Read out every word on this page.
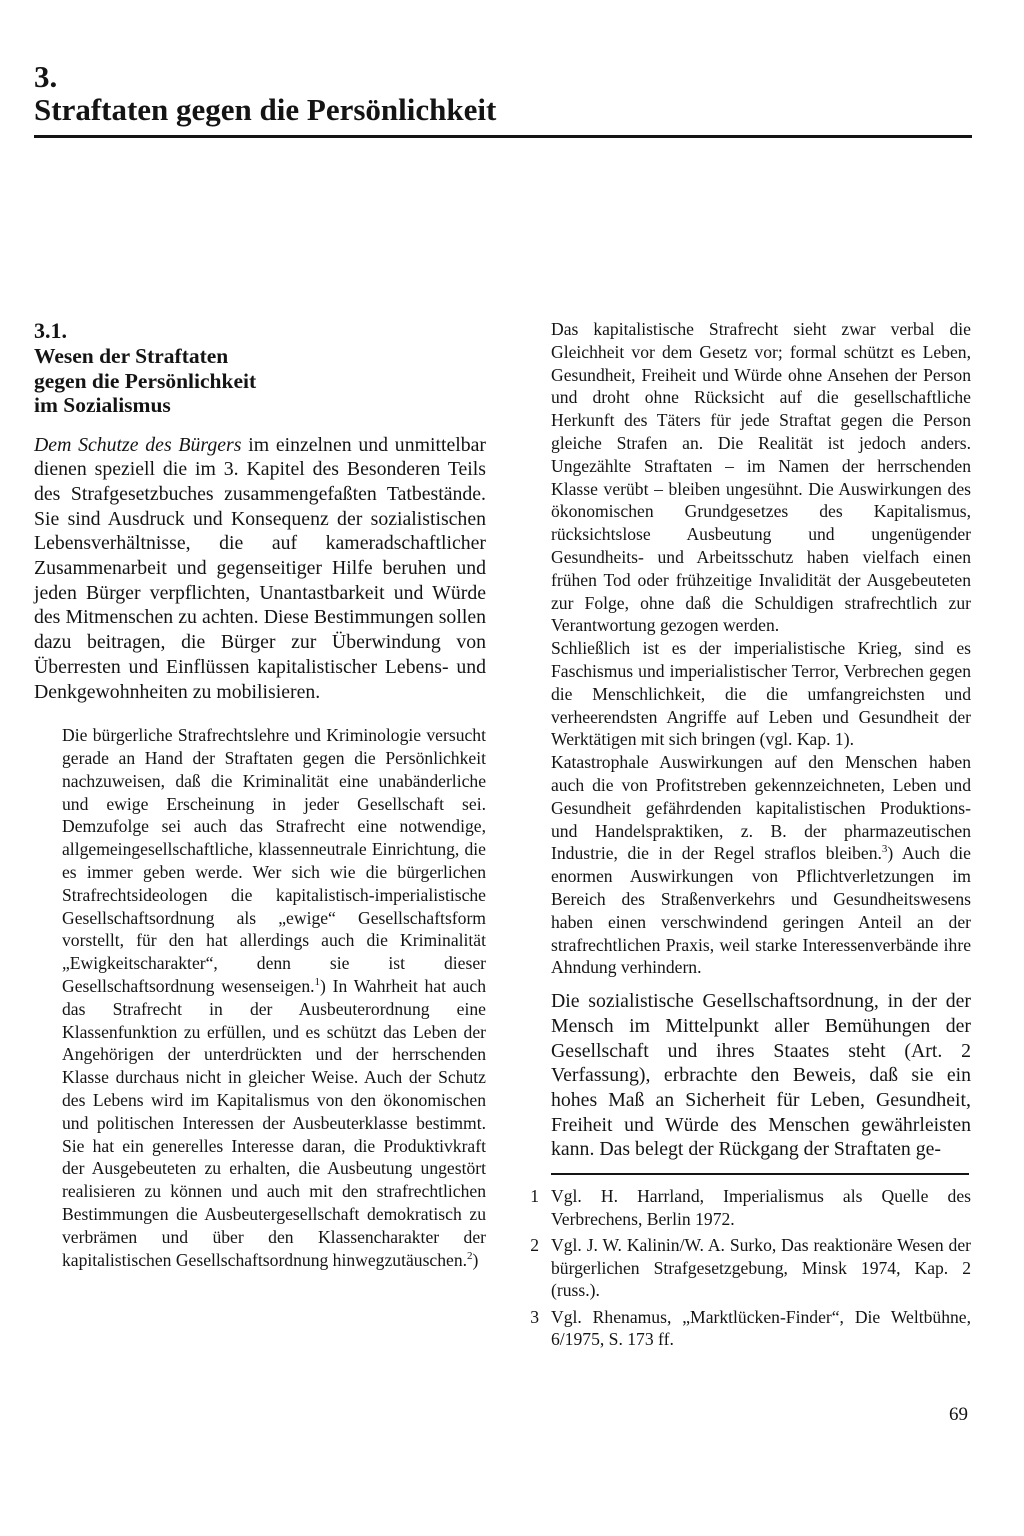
3.
Straftaten gegen die Persönlichkeit
3.1.
Wesen der Straftaten
gegen die Persönlichkeit
im Sozialismus

Dem Schutze des Bürgers im einzelnen und unmittelbar dienen speziell die im 3. Kapitel des Besonderen Teils des Strafgesetzbuches zusammengefaßten Tatbestände. Sie sind Ausdruck und Konsequenz der sozialistischen Lebensverhältnisse, die auf kameradschaftlicher Zusammenarbeit und gegenseitiger Hilfe beruhen und jeden Bürger verpflichten, Unantastbarkeit und Würde des Mitmenschen zu achten. Diese Bestimmungen sollen dazu beitragen, die Bürger zur Überwindung von Überresten und Einflüssen kapitalistischer Lebens- und Denkgewohnheiten zu mobilisieren.

Die bürgerliche Strafrechtslehre und Kriminologie versucht gerade an Hand der Straftaten gegen die Persönlichkeit nachzuweisen, daß die Kriminalität eine unabänderliche und ewige Erscheinung in jeder Gesellschaft sei. Demzufolge sei auch das Strafrecht eine notwendige, allgemeingesellschaftliche, klassenneutrale Einrichtung, die es immer geben werde. Wer sich wie die bürgerlichen Strafrechtsideologen die kapitalistisch-imperialistische Gesellschaftsordnung als „ewige“ Gesellschaftsform vorstellt, für den hat allerdings auch die Kriminalität „Ewigkeitscharakter“, denn sie ist dieser Gesellschaftsordnung wesenseigen.$^1$) In Wahrheit hat auch das Strafrecht in der Ausbeuterordnung eine Klassenfunktion zu erfüllen, und es schützt das Leben der Angehörigen der unterdrückten und der herrschenden Klasse durchaus nicht in gleicher Weise. Auch der Schutz des Lebens wird im Kapitalismus von den ökonomischen und politischen Interessen der Ausbeuterklasse bestimmt. Sie hat ein generelles Interesse daran, die Produktivkraft der Ausgebeuteten zu erhalten, die Ausbeutung ungestört realisieren zu können und auch mit den strafrechtlichen Bestimmungen die Ausbeutergesellschaft demokratisch zu verbrämen und über den Klassencharakter der kapitalistischen Gesellschaftsordnung hinwegzutäuschen.$^2$)

Das kapitalistische Strafrecht sieht zwar verbal die Gleichheit vor dem Gesetz vor; formal schützt es Leben, Gesundheit, Freiheit und Würde ohne Ansehen der Person und droht ohne Rücksicht auf die gesellschaftliche Herkunft des Täters für jede Straftat gegen die Person gleiche Strafen an. Die Realität ist jedoch anders. Ungezählte Straftaten – im Namen der herrschenden Klasse verübt – bleiben ungesühnt. Die Auswirkungen des ökonomischen Grundgesetzes des Kapitalismus, rücksichtslose Ausbeutung und ungenügender Gesundheits- und Arbeitsschutz haben vielfach einen frühen Tod oder frühzeitige Invalidität der Ausgebeuteten zur Folge, ohne daß die Schuldigen strafrechtlich zur Verantwortung gezogen werden.

Schließlich ist es der imperialistische Krieg, sind es Faschismus und imperialistischer Terror, Verbrechen gegen die Menschlichkeit, die die umfangreichsten und verheerendsten Angriffe auf Leben und Gesundheit der Werktätigen mit sich bringen (vgl. Kap. 1).

Katastrophale Auswirkungen auf den Menschen haben auch die von Profitstreben gekennzeichneten, Leben und Gesundheit gefährdenden kapitalistischen Produktions- und Handelspraktiken, z. B. der pharmazeutischen Industrie, die in der Regel straflos bleiben.$^3$) Auch die enormen Auswirkungen von Pflichtverletzungen im Bereich des Straßenverkehrs und Gesundheitswesens haben einen verschwindend geringen Anteil an der strafrechtlichen Praxis, weil starke Interessenverbände ihre Ahndung verhindern.

Die sozialistische Gesellschaftsordnung, in der der Mensch im Mittelpunkt aller Bemühungen der Gesellschaft und ihres Staates steht (Art. 2 Verfassung), erbrachte den Beweis, daß sie ein hohes Maß an Sicherheit für Leben, Gesundheit, Freiheit und Würde des Menschen gewährleisten kann. Das belegt der Rückgang der Straftaten ge-

1 Vgl. H. Harrland, Imperialismus als Quelle des Verbrechens, Berlin 1972.
2 Vgl. J. W. Kalinin/W. A. Surko, Das reaktionäre Wesen der bürgerlichen Strafgesetzgebung, Minsk 1974, Kap. 2 (russ.).
3 Vgl. Rhenamus, „Marktlücken-Finder“, Die Weltbühne, 6/1975, S. 173 ff.
69
